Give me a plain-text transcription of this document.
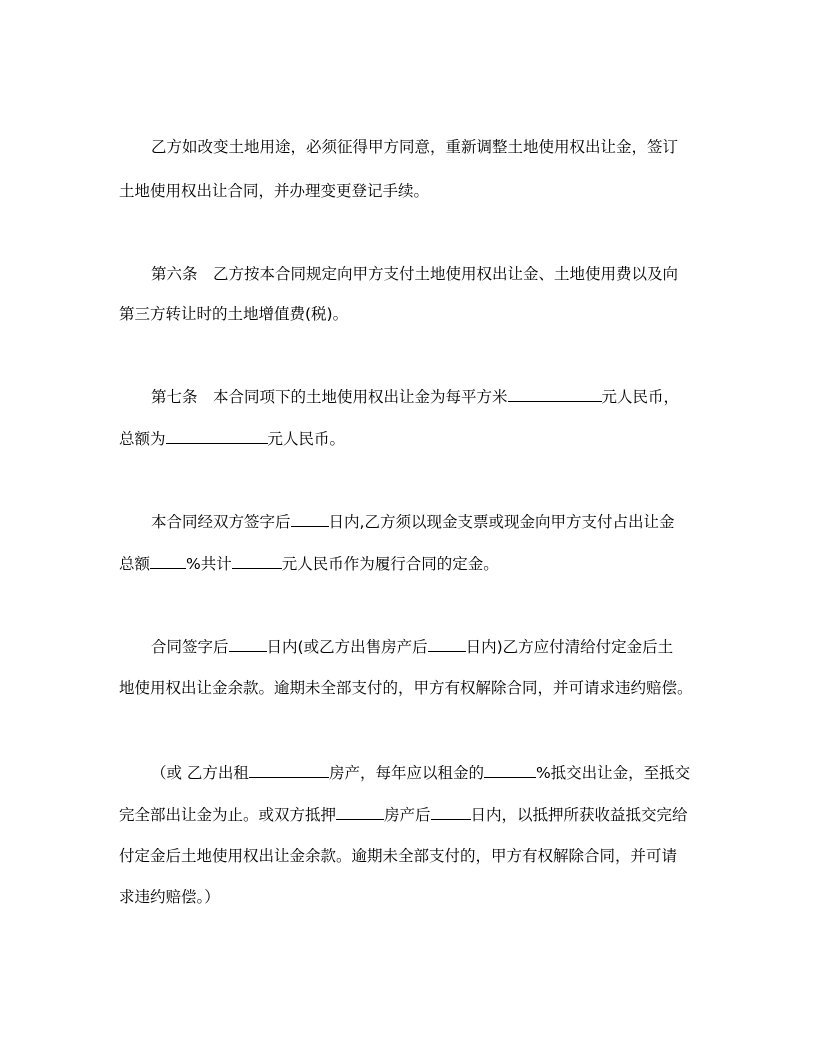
乙方如改变土地用途，必须征得甲方同意，重新调整土地使用权出让金，签订
土地使用权出让合同，并办理变更登记手续。
第六条　乙方按本合同规定向甲方支付土地使用权出让金、土地使用费以及向
第三方转让时的土地增值费(税)。
第七条　本合同项下的土地使用权出让金为每平方米	元人民币，
总额为	元人民币。
本合同经双方签字后 日内,乙方须以现金支票或现金向甲方支付占出让金
总额 %共计	元人民币作为履行合同的定金。
合同签字后 日内(或乙方出售房产后 日内)乙方应付清给付定金后土
地使用权出让金余款。逾期未全部支付的，甲方有权解除合同，并可请求违约赔偿。
（或 乙方出租	房产，每年应以租金的	%抵交出让金，至抵交
完全部出让金为止。或双方抵押	房产后	日内，以抵押所获收益抵交完给
付定金后土地使用权出让金余款。逾期未全部支付的，甲方有权解除合同，并可请
求违约赔偿。）
